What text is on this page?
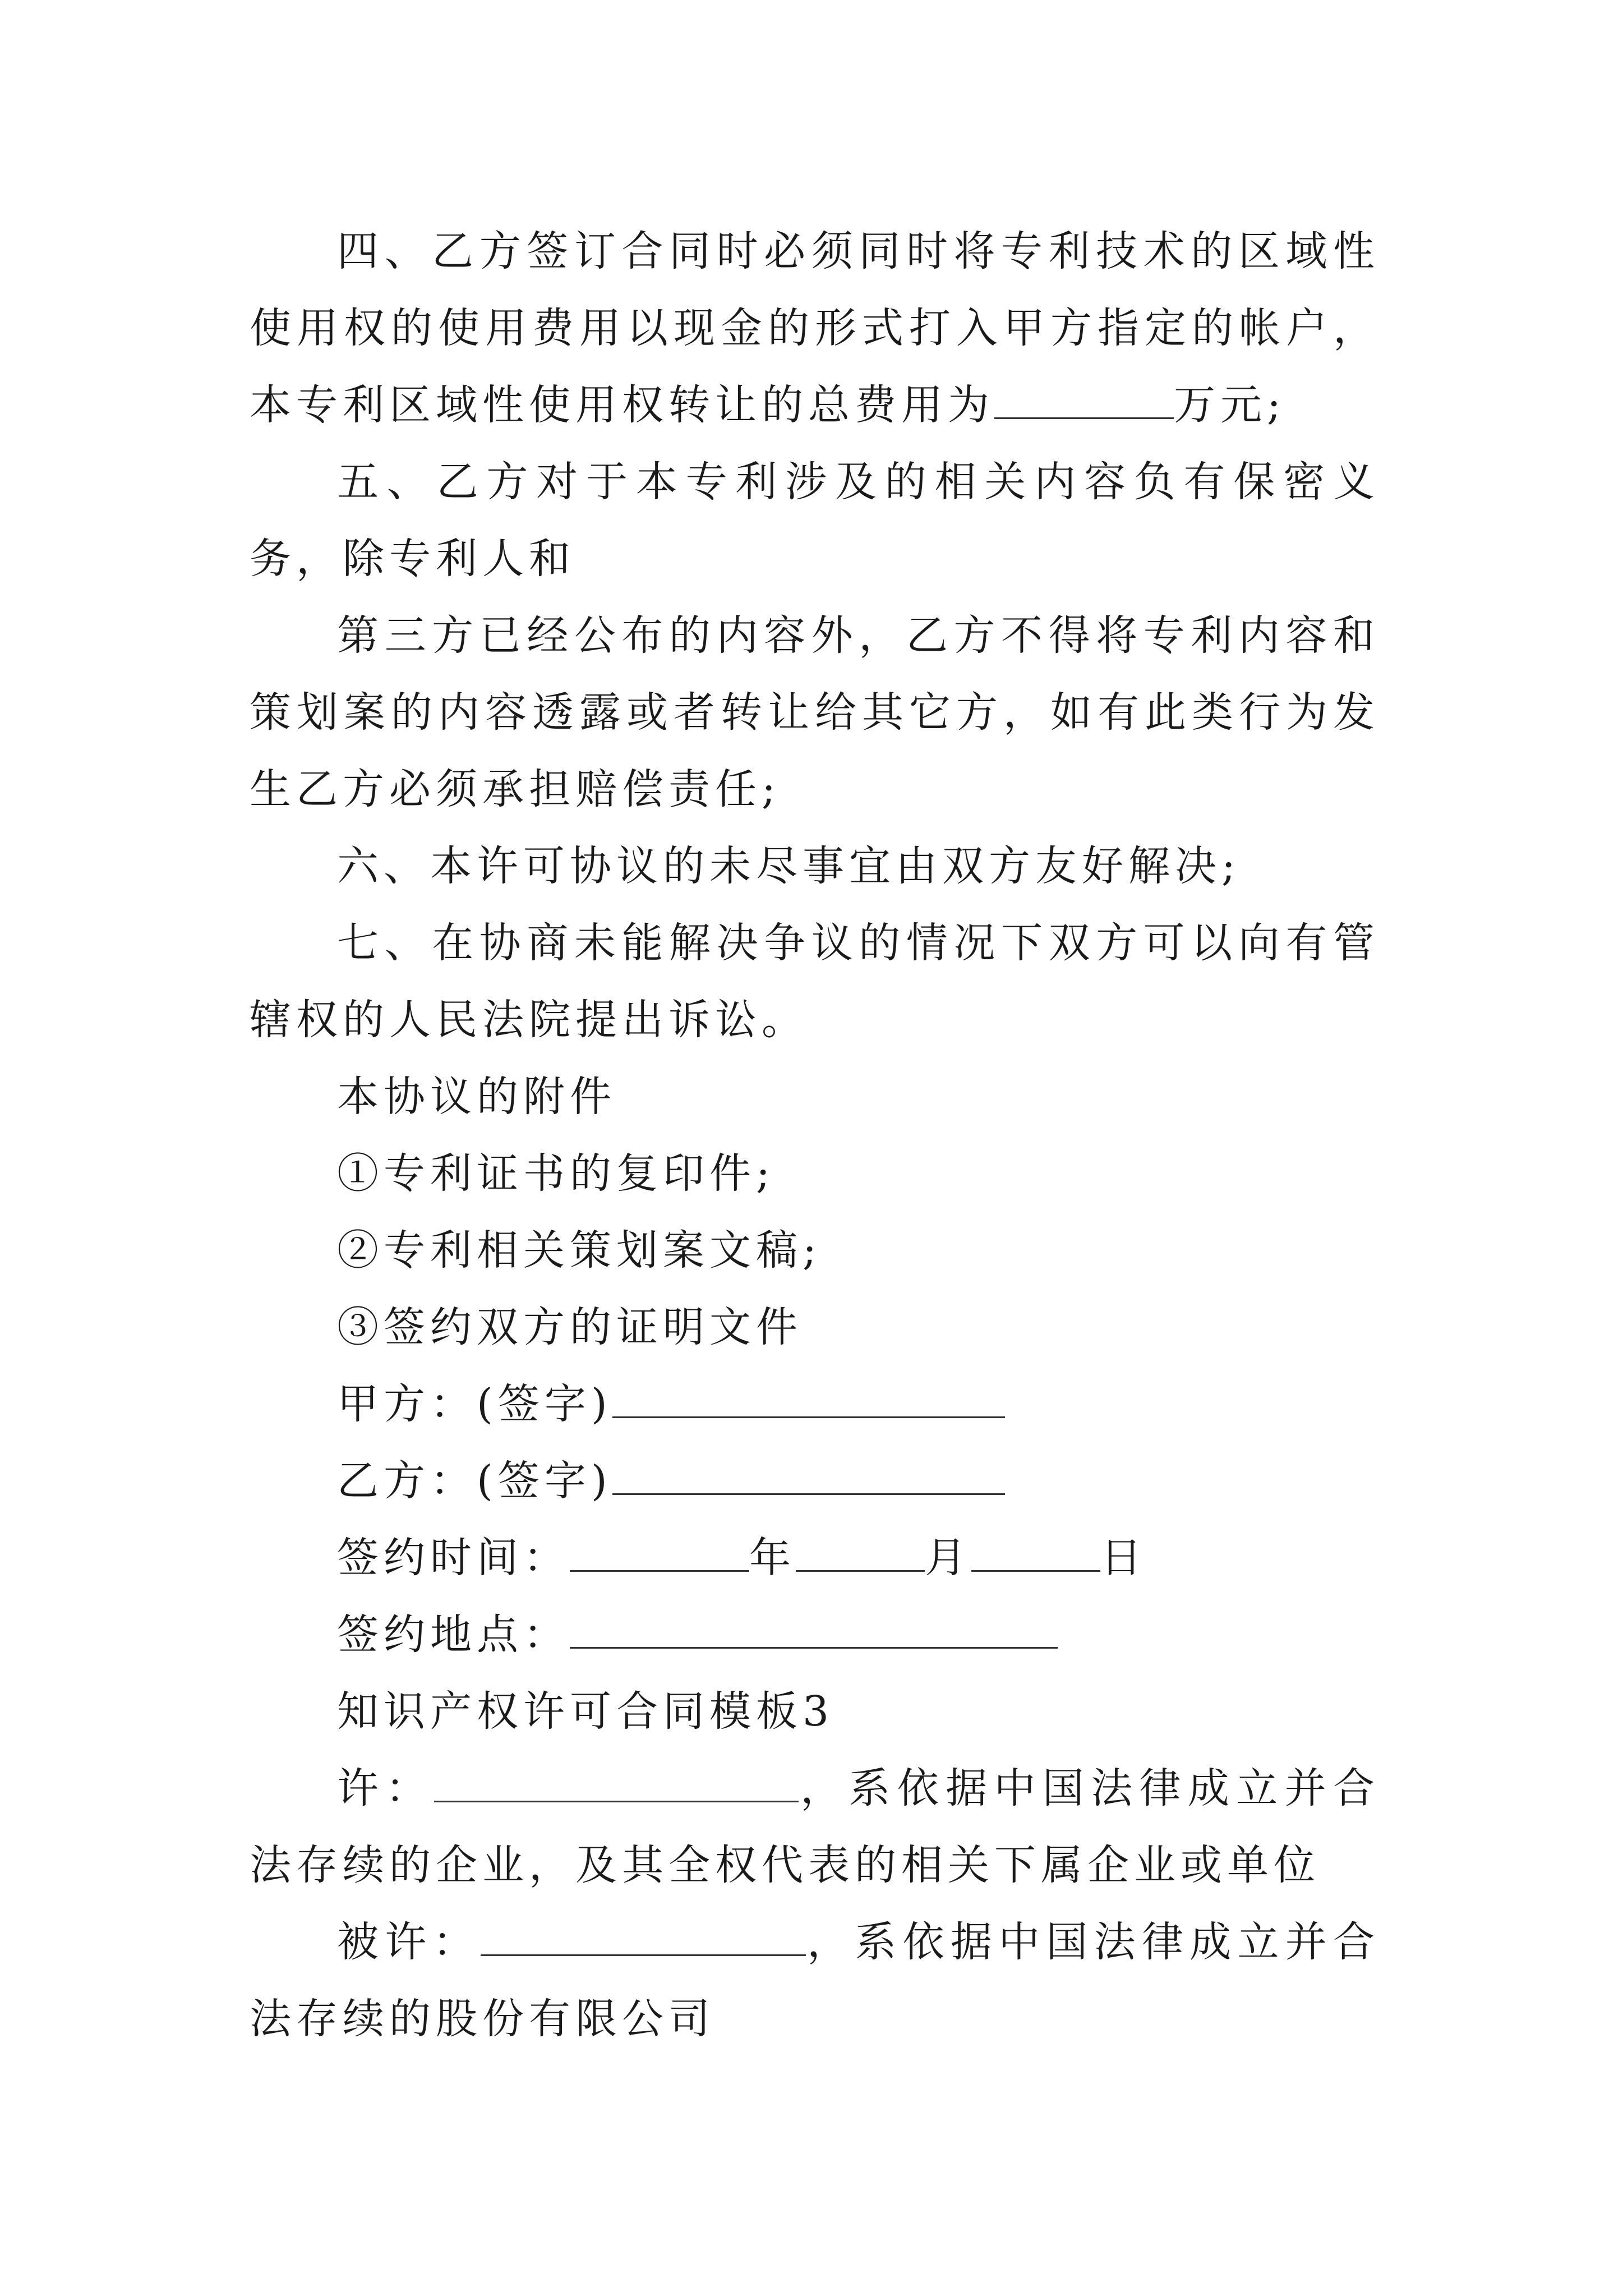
四、乙方签订合同时必须同时将专利技术的区域性使用权的使用费用以现金的形式打入甲方指定的帐户，本专利区域性使用权转让的总费用为	万元;

五、乙方对于本专利涉及的相关内容负有保密义务，除专利人和

第三方已经公布的内容外，乙方不得将专利内容和策划案的内容透露或者转让给其它方，如有此类行为发生乙方必须承担赔偿责任;

六、本许可协议的未尽事宜由双方友好解决;

七、在协商未能解决争议的情况下双方可以向有管辖权的人民法院提出诉讼。

本协议的附件

①专利证书的复印件;

②专利相关策划案文稿;

③签约双方的证明文件

甲方：(签字)

乙方：(签字)

签约时间：	年	月	日

签约地点：

知识产权许可合同模板3

许：	，系依据中国法律成立并合法存续的企业，及其全权代表的相关下属企业或单位

被许：	，系依据中国法律成立并合法存续的股份有限公司
